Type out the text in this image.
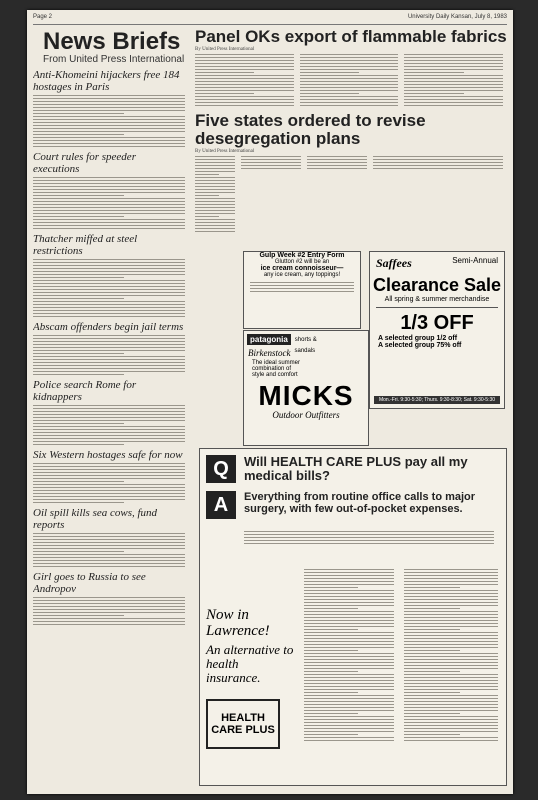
Page 2	University Daily Kansan, July 8, 1983
News Briefs
From United Press International
Anti-Khomeini hijackers free 184 hostages in Paris
Court rules for speeder executions
Thatcher miffed at steel restrictions
Abscam offenders begin jail terms
Police search Rome for kidnappers
Six Western hostages safe for now
Oil spill kills sea cows, fund reports
Girl goes to Russia to see Andropov
Panel OKs export of flammable fabrics
By United Press International
Five states ordered to revise desegregation plans
By United Press International
Gulp Week #2 Entry Form
Glutton #2 will be an
ice cream connoisseur—
any ice cream, any toppings!
Saffees	Semi-Annual
Clearance Sale
All spring & summer merchandise
1/3 OFF
A selected group 1/2 off
A selected group 75% off
Mon.-Fri. 9:30-5:30; Thurs. 9:30-8:30; Sat. 9:30-5:30
patagonia	shorts &
Birkenstock sandals
The ideal summer
combination of
style and comfort
MICKS
Outdoor Outfitters
Q	Will HEALTH CARE PLUS pay all my medical bills?
A	Everything from routine office calls to major surgery, with few out-of-pocket expenses.
Now in Lawrence!
An alternative to health insurance.
HEALTH CARE PLUS
